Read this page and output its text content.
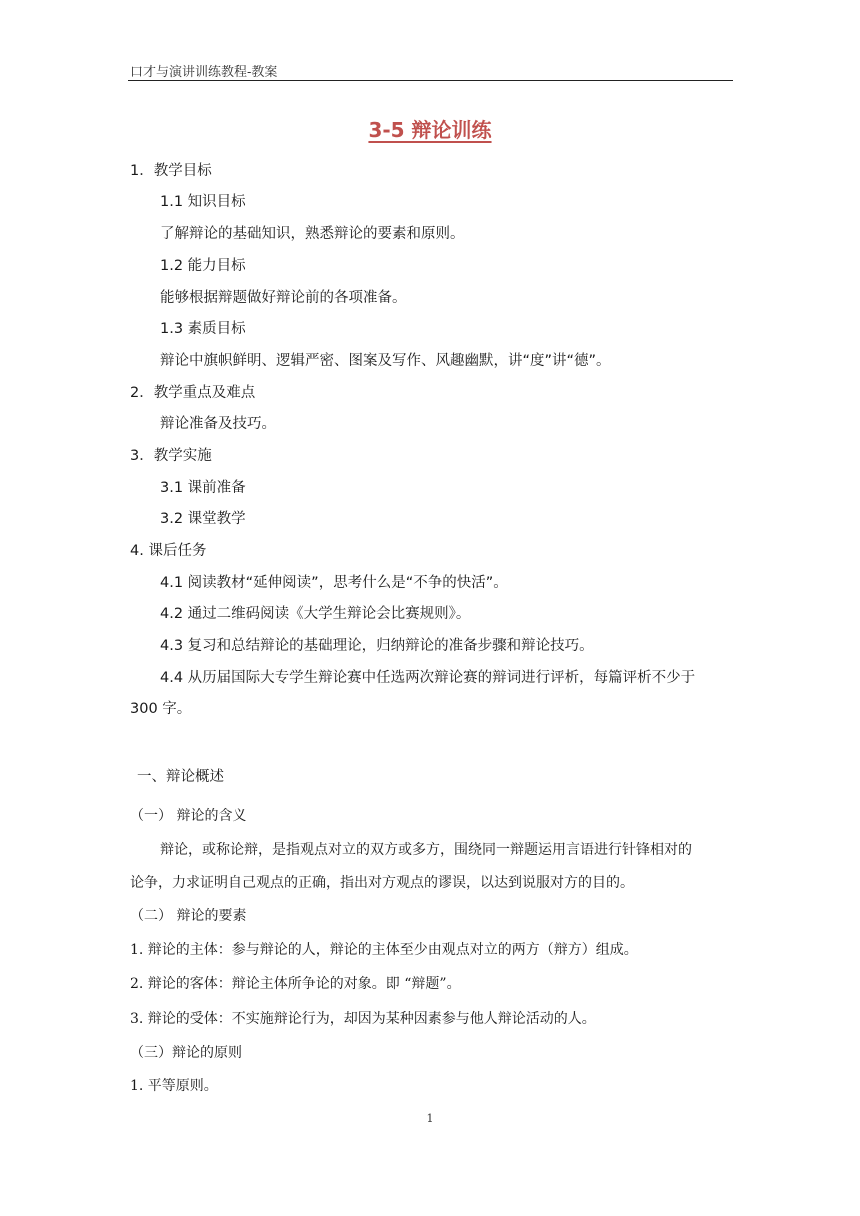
口才与演讲训练教程-教案
3-5 辩论训练
1．教学目标
1.1 知识目标
了解辩论的基础知识，熟悉辩论的要素和原则。
1.2 能力目标
能够根据辩题做好辩论前的各项准备。
1.3 素质目标
辩论中旗帜鲜明、逻辑严密、图案及写作、风趣幽默，讲“度”讲“德”。
2．教学重点及难点
辩论准备及技巧。
3．教学实施
3.1 课前准备
3.2 课堂教学
4. 课后任务
4.1 阅读教材“延伸阅读”，思考什么是“不争的快活”。
4.2 通过二维码阅读《大学生辩论会比赛规则》。
4.3 复习和总结辩论的基础理论，归纳辩论的准备步骤和辩论技巧。
4.4 从历届国际大专学生辩论赛中任选两次辩论赛的辩词进行评析，每篇评析不少于
300 字。
一、辩论概述
（一） 辩论的含义
辩论，或称论辩，是指观点对立的双方或多方，围绕同一辩题运用言语进行针锋相对的
论争，力求证明自己观点的正确，指出对方观点的谬误，以达到说服对方的目的。
（二） 辩论的要素
1. 辩论的主体：参与辩论的人，辩论的主体至少由观点对立的两方（辩方）组成。
2. 辩论的客体：辩论主体所争论的对象。即 “辩题”。
3. 辩论的受体：不实施辩论行为，却因为某种因素参与他人辩论活动的人。
（三）辩论的原则
1. 平等原则。
1
